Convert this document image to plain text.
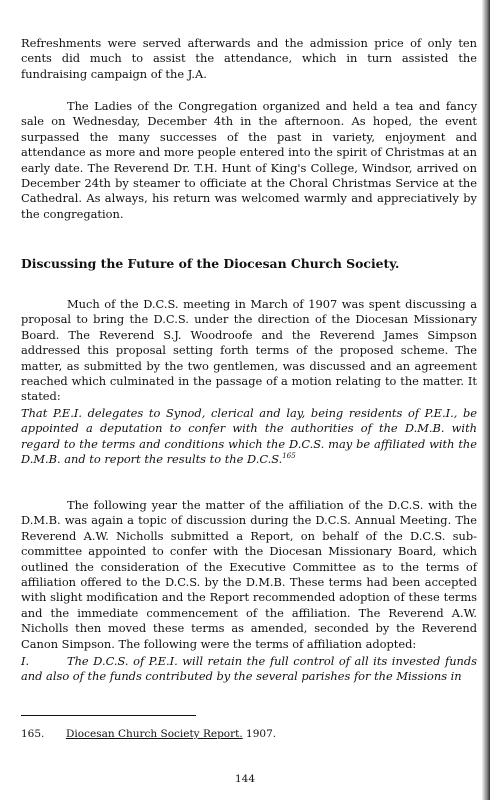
Refreshments were served afterwards and the admission price of only ten cents did much to assist the attendance, which in turn assisted the fundraising campaign of the J.A.

The Ladies of the Congregation organized and held a tea and fancy sale on Wednesday, December 4th in the afternoon. As hoped, the event surpassed the many successes of the past in variety, enjoyment and attendance as more and more people entered into the spirit of Christmas at an early date. The Reverend Dr. T.H. Hunt of King's College, Windsor, arrived on December 24th by steamer to officiate at the Choral Christmas Service at the Cathedral. As always, his return was welcomed warmly and appreciatively by the congregation.

Discussing the Future of the Diocesan Church Society.

Much of the D.C.S. meeting in March of 1907 was spent discussing a proposal to bring the D.C.S. under the direction of the Diocesan Missionary Board. The Reverend S.J. Woodroofe and the Reverend James Simpson addressed this proposal setting forth terms of the proposed scheme. The matter, as submitted by the two gentlemen, was discussed and an agreement reached which culminated in the passage of a motion relating to the matter. It stated:

That P.E.I. delegates to Synod, clerical and lay, being residents of P.E.I., be appointed a deputation to confer with the authorities of the D.M.B. with regard to the terms and conditions which the D.C.S. may be affiliated with the D.M.B. and to report the results to the D.C.S.$^{165}$

The following year the matter of the affiliation of the D.C.S. with the D.M.B. was again a topic of discussion during the D.C.S. Annual Meeting. The Reverend A.W. Nicholls submitted a Report, on behalf of the D.C.S. sub-committee appointed to confer with the Diocesan Missionary Board, which outlined the consideration of the Executive Committee as to the terms of affiliation offered to the D.C.S. by the D.M.B. These terms had been accepted with slight modification and the Report recommended adoption of these terms and the immediate commencement of the affiliation. The Reverend A.W. Nicholls then moved these terms as amended, seconded by the Reverend Canon Simpson. The following were the terms of affiliation adopted:

I.	The D.C.S. of P.E.I. will retain the full control of all its invested funds and also of the funds contributed by the several parishes for the Missions in

165. Diocesan Church Society Report. 1907.
144
